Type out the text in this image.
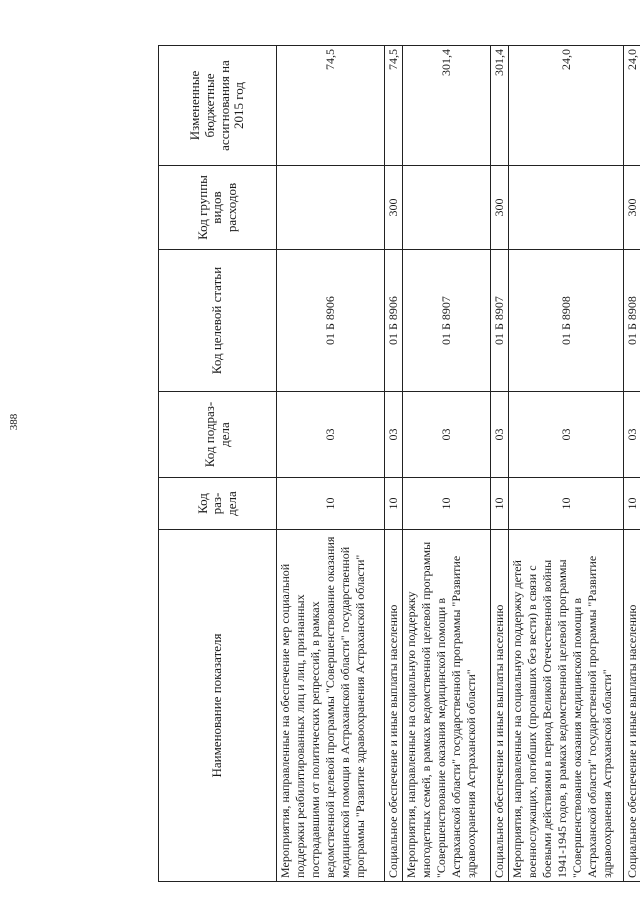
388
Наименование показателя	Код раз-дела	Код подраз-дела	Код целевой статьи	Код группы видов расходов	Измененные бюджетные ассигнования на 2015 год
Мероприятия, направленные на обеспечение мер социальной поддержки реабилитированных лиц и лиц, признанных пострадавшими от политических репрессий, в рамках ведомственной целевой программы "Совершенствование оказания медицинской помощи в Астраханской области" государственной программы "Развитие здравоохранения Астраханской области"	10	03	01 Б 8906		74,5
Социальное обеспечение и иные выплаты населению	10	03	01 Б 8906	300	74,5
Мероприятия, направленные на социальную поддержку многодетных семей, в рамках ведомственной целевой программы "Совершенствование оказания медицинской помощи в Астраханской области" государственной программы "Развитие здравоохранения Астраханской области"	10	03	01 Б 8907		301,4
Социальное обеспечение и иные выплаты населению	10	03	01 Б 8907	300	301,4
Мероприятия, направленные на социальную поддержку детей военнослужащих, погибших (пропавших без вести) в связи с боевыми действиями в период Великой Отечественной войны 1941-1945 годов, в рамках ведомственной целевой программы "Совершенствование оказания медицинской помощи в Астраханской области" государственной программы "Развитие здравоохранения Астраханской области"	10	03	01 Б 8908		24,0
Социальное обеспечение и иные выплаты населению	10	03	01 Б 8908	300	24,0
